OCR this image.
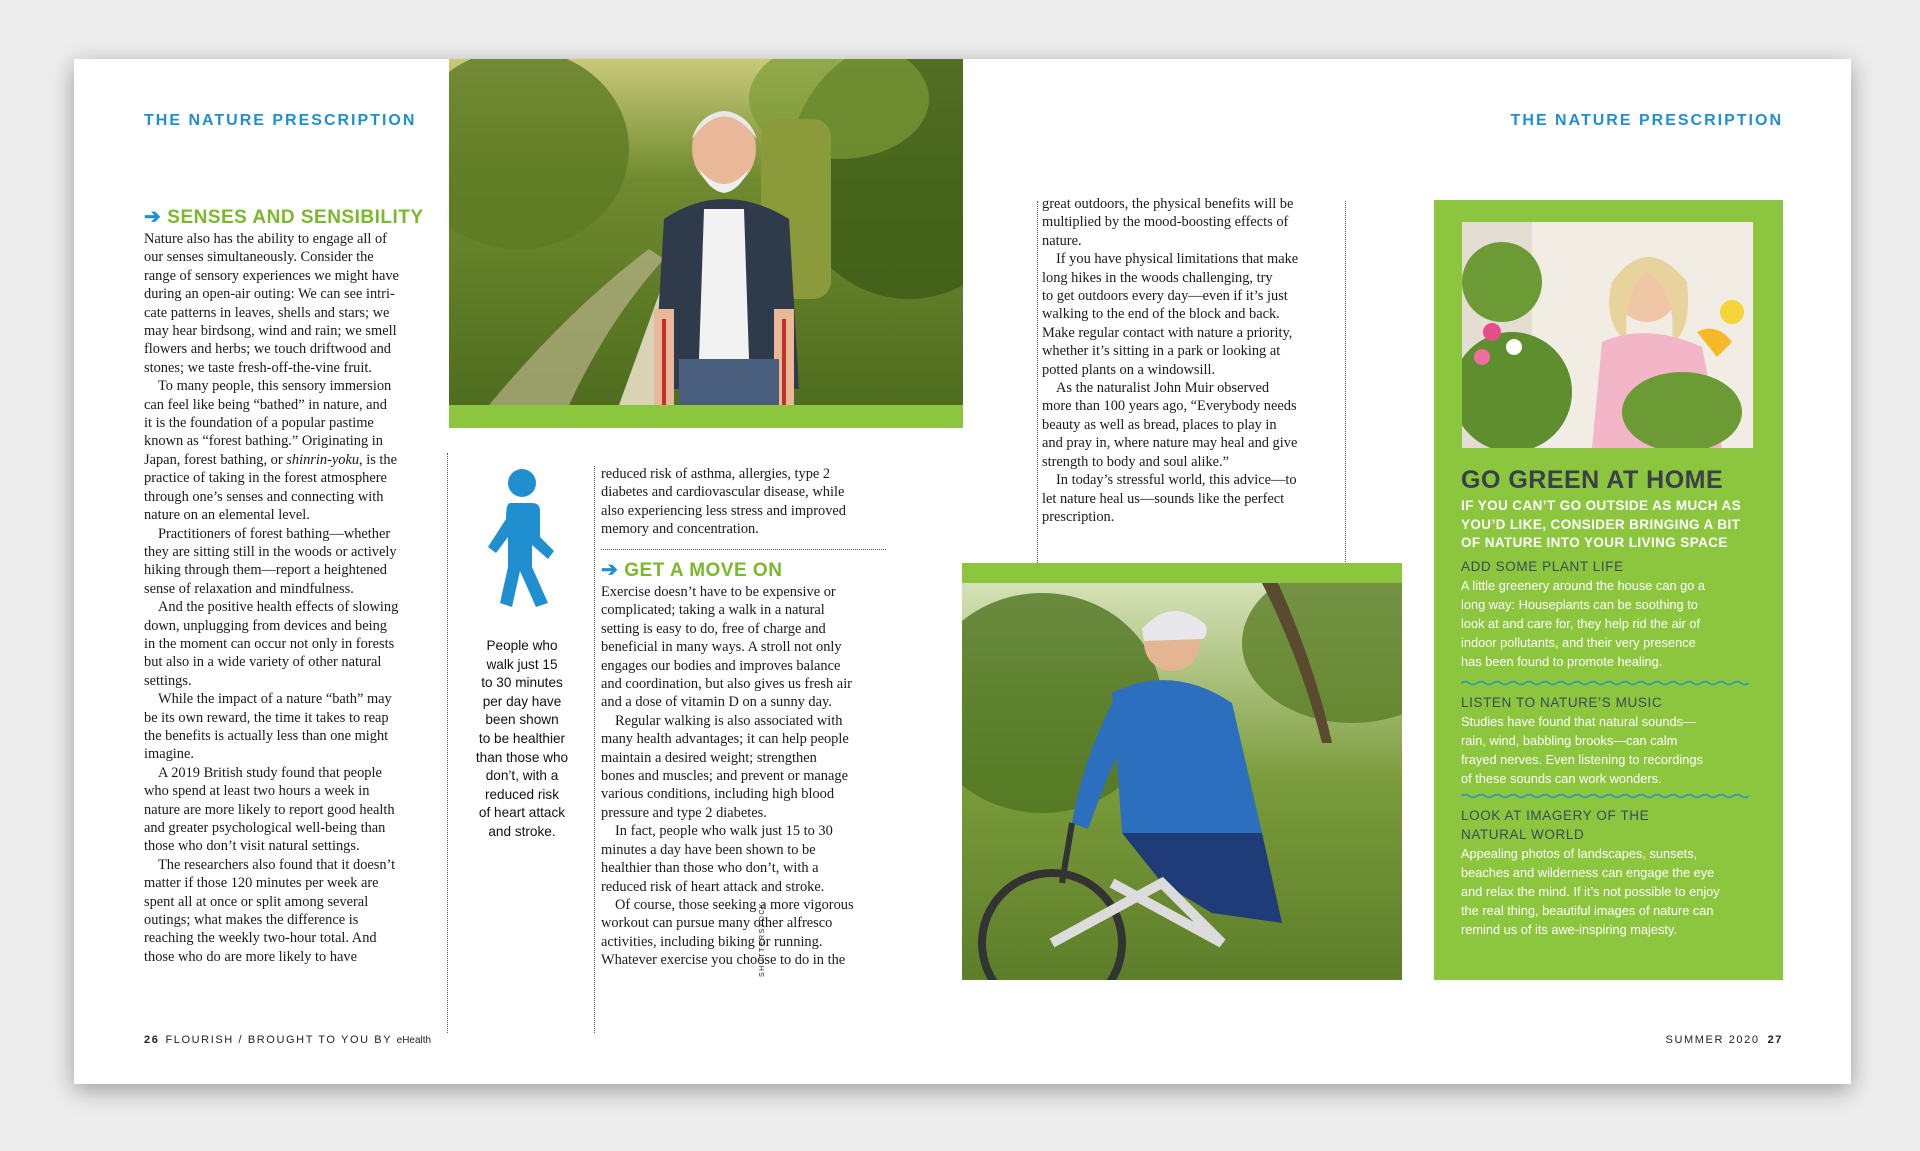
THE NATURE PRESCRIPTION	THE NATURE PRESCRIPTION
➔ SENSES AND SENSIBILITY
Nature also has the ability to engage all of
our senses simultaneously. Consider the
range of sensory experiences we might have
during an open-air outing: We can see intri-
cate patterns in leaves, shells and stars; we
may hear birdsong, wind and rain; we smell
flowers and herbs; we touch driftwood and
stones; we taste fresh-off-the-vine fruit.
To many people, this sensory immersion
can feel like being “bathed” in nature, and
it is the foundation of a popular pastime
known as “forest bathing.” Originating in
Japan, forest bathing, or shinrin-yoku, is the
practice of taking in the forest atmosphere
through one’s senses and connecting with
nature on an elemental level.
Practitioners of forest bathing—whether
they are sitting still in the woods or actively
hiking through them—report a heightened
sense of relaxation and mindfulness.
And the positive health effects of slowing
down, unplugging from devices and being
in the moment can occur not only in forests
but also in a wide variety of other natural
settings.
While the impact of a nature “bath” may
be its own reward, the time it takes to reap
the benefits is actually less than one might
imagine.
A 2019 British study found that people
who spend at least two hours a week in
nature are more likely to report good health
and greater psychological well-being than
those who don’t visit natural settings.
The researchers also found that it doesn’t
matter if those 120 minutes per week are
spent all at once or split among several
outings; what makes the difference is
reaching the weekly two-hour total. And
those who do are more likely to have
People who
walk just 15
to 30 minutes
per day have
been shown
to be healthier
than those who
don’t, with a
reduced risk
of heart attack
and stroke.
reduced risk of asthma, allergies, type 2
diabetes and cardiovascular disease, while
also experiencing less stress and improved
memory and concentration.
➔ GET A MOVE ON
Exercise doesn’t have to be expensive or
complicated; taking a walk in a natural
setting is easy to do, free of charge and
beneficial in many ways. A stroll not only
engages our bodies and improves balance
and coordination, but also gives us fresh air
and a dose of vitamin D on a sunny day.
Regular walking is also associated with
many health advantages; it can help people
maintain a desired weight; strengthen
bones and muscles; and prevent or manage
various conditions, including high blood
pressure and type 2 diabetes.
In fact, people who walk just 15 to 30
minutes a day have been shown to be
healthier than those who don’t, with a
reduced risk of heart attack and stroke.
Of course, those seeking a more vigorous
workout can pursue many other alfresco
activities, including biking or running.
Whatever exercise you choose to do in the
great outdoors, the physical benefits will be
multiplied by the mood-boosting effects of
nature.
If you have physical limitations that make
long hikes in the woods challenging, try
to get outdoors every day—even if it’s just
walking to the end of the block and back.
Make regular contact with nature a priority,
whether it’s sitting in a park or looking at
potted plants on a windowsill.
As the naturalist John Muir observed
more than 100 years ago, “Everybody needs
beauty as well as bread, places to play in
and pray in, where nature may heal and give
strength to body and soul alike.”
In today’s stressful world, this advice—to
let nature heal us—sounds like the perfect
prescription.
SHUTTERSTOCK
GO GREEN AT HOME
IF YOU CAN’T GO OUTSIDE AS MUCH AS
YOU’D LIKE, CONSIDER BRINGING A BIT
OF NATURE INTO YOUR LIVING SPACE
ADD SOME PLANT LIFE
A little greenery around the house can go a
long way: Houseplants can be soothing to
look at and care for, they help rid the air of
indoor pollutants, and their very presence
has been found to promote healing.
LISTEN TO NATURE’S MUSIC
Studies have found that natural sounds—
rain, wind, babbling brooks—can calm
frayed nerves. Even listening to recordings
of these sounds can work wonders.
LOOK AT IMAGERY OF THE
NATURAL WORLD
Appealing photos of landscapes, sunsets,
beaches and wilderness can engage the eye
and relax the mind. If it’s not possible to enjoy
the real thing, beautiful images of nature can
remind us of its awe-inspiring majesty.
26 FLOURISH / BROUGHT TO YOU BY eHealth	SUMMER 2020 27
